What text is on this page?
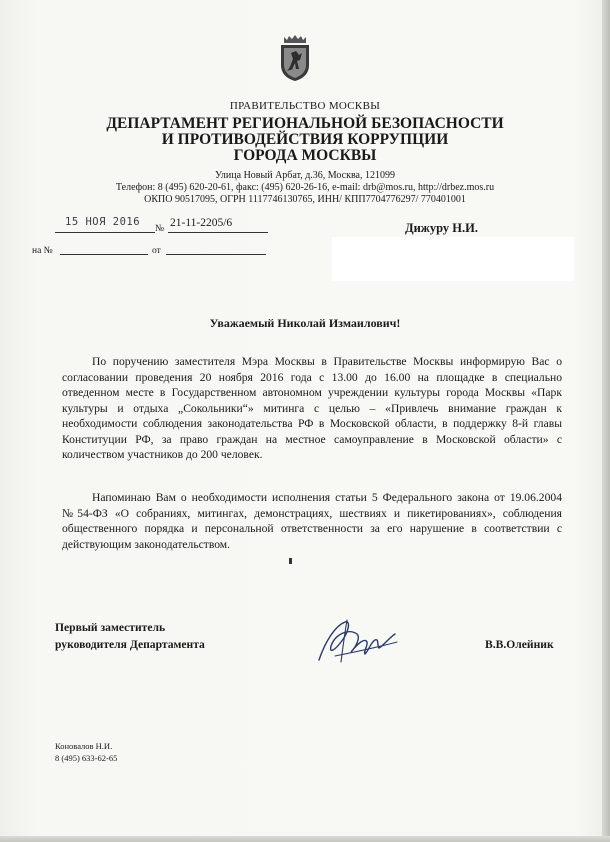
ПРАВИТЕЛЬСТВО МОСКВЫ
ДЕПАРТАМЕНТ РЕГИОНАЛЬНОЙ БЕЗОПАСНОСТИ
И ПРОТИВОДЕЙСТВИЯ КОРРУПЦИИ
ГОРОДА МОСКВЫ
Улица Новый Арбат, д.36, Москва, 121099
Телефон: 8 (495) 620-20-61, факс: (495) 620-26-16, e-mail: drb@mos.ru, http://drbez.mos.ru
ОКПО 90517095, ОГРН 1117746130765, ИНН/ КПП7704776297/ 770401001
15 НОЯ 2016
№ 21-11-2205/6
на №	от
Дижуру Н.И.
Уважаемый Николай Измаилович!

По поручению заместителя Мэра Москвы в Правительстве Москвы информирую Вас о согласовании проведения 20 ноября 2016 года с 13.00 до 16.00 на площадке в специально отведенном месте в Государственном автономном учреждении культуры города Москвы «Парк культуры и отдыха „Сокольники“» митинга с целью – «Привлечь внимание граждан к необходимости соблюдения законодательства РФ в Московской области, в поддержку 8-й главы Конституции РФ, за право граждан на местное самоуправление в Московской области» с количеством участников до 200 человек.

Напоминаю Вам о необходимости исполнения статьи 5 Федерального закона от 19.06.2004 №54-ФЗ «О собраниях, митингах, демонстрациях, шествиях и пикетированиях», соблюдения общественного порядка и персональной ответственности за его нарушение в соответствии с действующим законодательством.

Первый заместитель
руководителя Департамента	В.В.Олейник
Коновалов Н.И.
8 (495) 633-62-65
